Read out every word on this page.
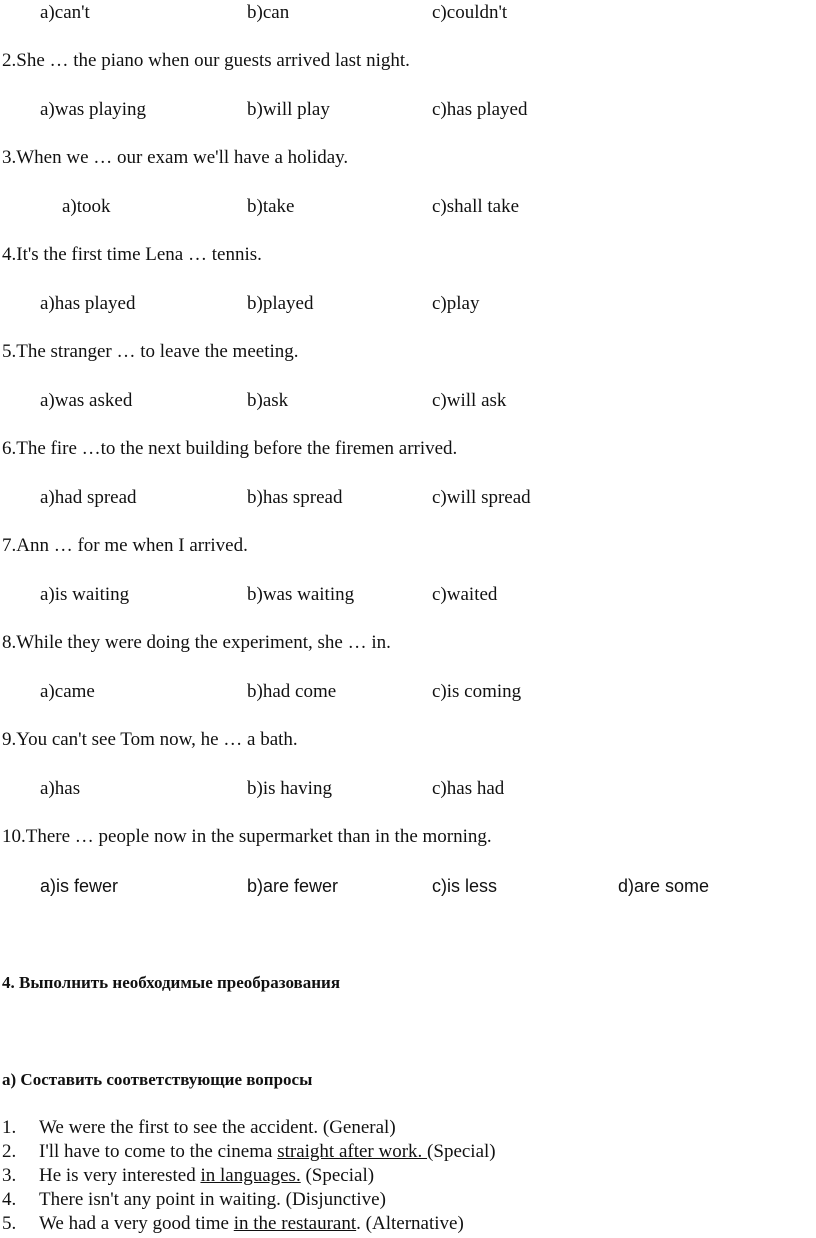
a)can't	b)can	c)couldn't
2.She … the piano when our guests arrived last night.
a)was playing	b)will play	c)has played
3.When we … our exam we'll have a holiday.
a)took	b)take	c)shall take
4.It's the first time Lena … tennis.
a)has played	b)played	c)play
5.The stranger … to leave the meeting.
a)was asked	b)ask	c)will ask
6.The fire …to the next building before the firemen arrived.
a)had spread	b)has spread	c)will spread
7.Ann … for me when I arrived.
a)is waiting	b)was waiting	c)waited
8.While they were doing the experiment, she … in.
a)came	b)had come	c)is coming
9.You can't see Tom now, he … a bath.
a)has	b)is having	c)has had
10.There … people now in the supermarket than in the morning.
a)is fewer	b)are fewer	c)is less	d)are some
4. Выполнить необходимые преобразования
а) Составить соответствующие вопросы
1. We were the first to see the accident. (General)
2. I'll have to come to the cinema straight after work. (Special)
3. He is very interested in languages. (Special)
4. There isn't any point in waiting. (Disjunctive)
5. We had a very good time in the restaurant. (Alternative)
